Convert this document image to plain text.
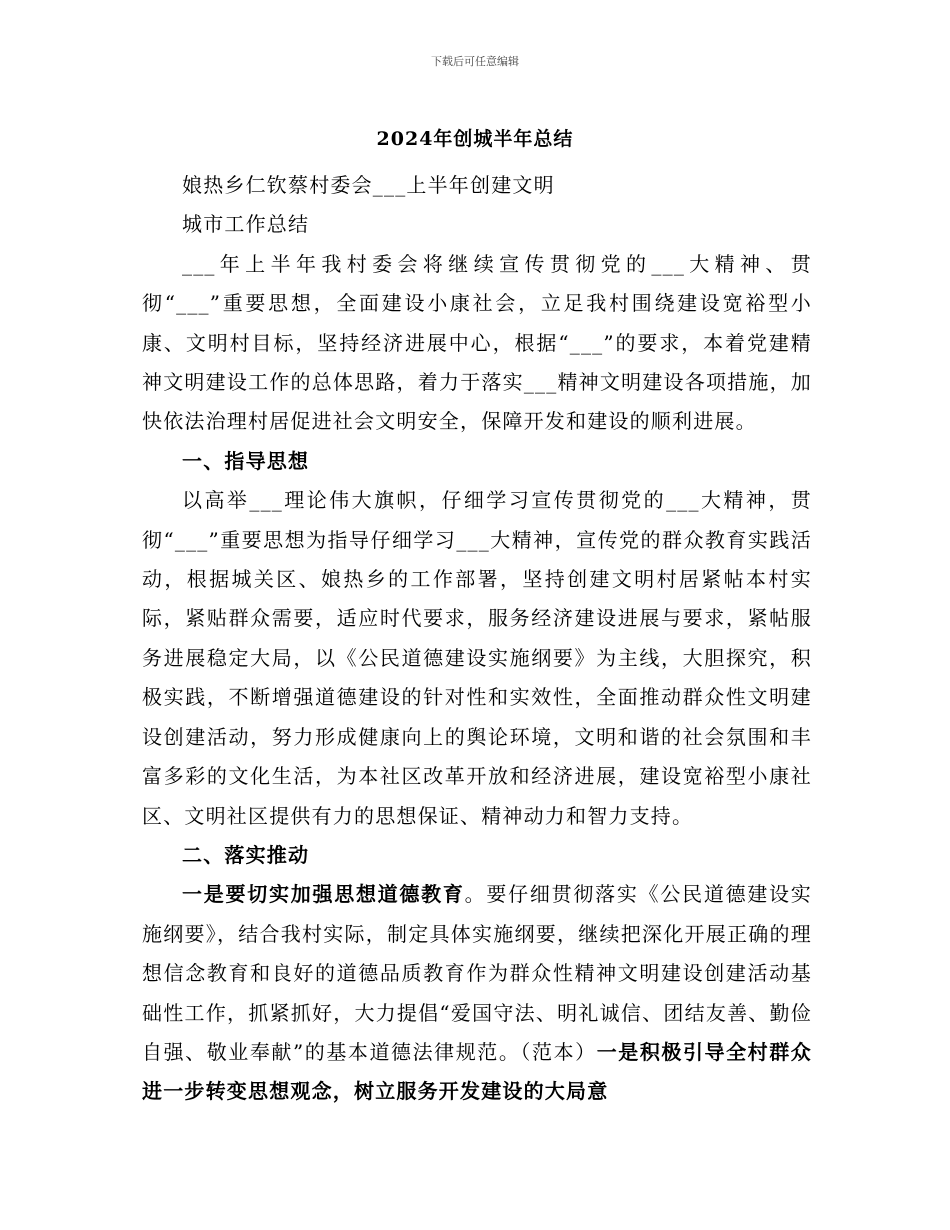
下载后可任意编辑
2024年创城半年总结

娘热乡仁钦蔡村委会___上半年创建文明

城市工作总结

___年上半年我村委会将继续宣传贯彻党的___大精神、贯彻“___”重要思想，全面建设小康社会，立足我村围绕建设宽裕型小康、文明村目标，坚持经济进展中心，根据“___”的要求，本着党建精神文明建设工作的总体思路，着力于落实___精神文明建设各项措施，加快依法治理村居促进社会文明安全，保障开发和建设的顺利进展。

一、指导思想

以高举___理论伟大旗帜，仔细学习宣传贯彻党的___大精神，贯彻“___”重要思想为指导仔细学习___大精神，宣传党的群众教育实践活动，根据城关区、娘热乡的工作部署，坚持创建文明村居紧帖本村实际，紧贴群众需要，适应时代要求，服务经济建设进展与要求，紧帖服务进展稳定大局，以《公民道德建设实施纲要》为主线，大胆探究，积极实践，不断增强道德建设的针对性和实效性，全面推动群众性文明建设创建活动，努力形成健康向上的舆论环境，文明和谐的社会氛围和丰富多彩的文化生活，为本社区改革开放和经济进展，建设宽裕型小康社区、文明社区提供有力的思想保证、精神动力和智力支持。

二、落实推动

一是要切实加强思想道德教育。要仔细贯彻落实《公民道德建设实施纲要》，结合我村实际，制定具体实施纲要，继续把深化开展正确的理想信念教育和良好的道德品质教育作为群众性精神文明建设创建活动基础性工作，抓紧抓好，大力提倡“爱国守法、明礼诚信、团结友善、勤俭自强、敬业奉献”的基本道德法律规范。（范本）一是积极引导全村群众进一步转变思想观念，树立服务开发建设的大局意
